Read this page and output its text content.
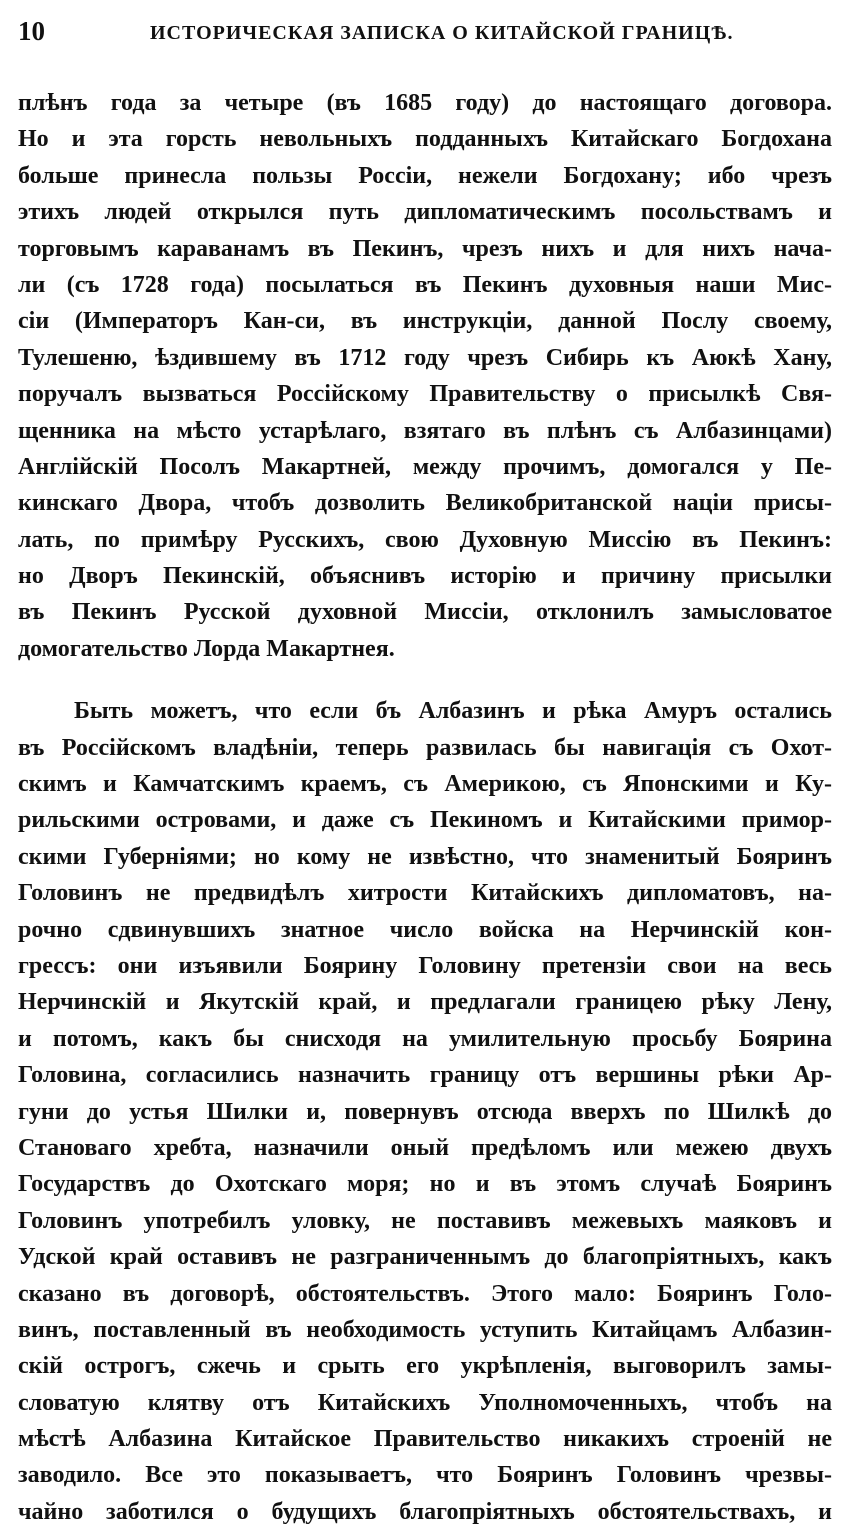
10	ИСТОРИЧЕСКАЯ ЗАПИСКА О КИТАЙСКОЙ ГРАНИЦѢ.

плѣнъ года за четыре (въ 1685 году) до настоящаго договора.
Но и эта горсть невольныхъ подданныхъ Китайскаго Богдохана
больше принесла пользы Россіи, нежели Богдохану; ибо чрезъ
этихъ людей открылся путь дипломатическимъ посольствамъ и
торговымъ караванамъ въ Пекинъ, чрезъ нихъ и для нихъ нача-
ли (съ 1728 года) посылаться въ Пекинъ духовныя наши Мис-
сіи (Императоръ Кан-си, въ инструкціи, данной Послу своему,
Тулешеню, ѣздившему въ 1712 году чрезъ Сибирь къ Аюкѣ Хану,
поручалъ вызваться Россійскому Правительству о присылкѣ Свя-
щенника на мѣсто устарѣлаго, взятаго въ плѣнъ съ Албазинцами)
Англійскій Посолъ Макартней, между прочимъ, домогался у Пе-
кинскаго Двора, чтобъ дозволить Великобританской націи присы-
лать, по примѣру Русскихъ, свою Духовную Миссію въ Пекинъ:
но Дворъ Пекинскій, объяснивъ исторію и причину присылки
въ Пекинъ Русской духовной Миссіи, отклонилъ замысловатое
домогательство Лорда Макартнея.

Быть можетъ, что если бъ Албазинъ и рѣка Амуръ остались
въ Россійскомъ владѣніи, теперь развилась бы навигація съ Охот-
скимъ и Камчатскимъ краемъ, съ Америкою, съ Японскими и Ку-
рильскими островами, и даже съ Пекиномъ и Китайскими примор-
скими Губерніями; но кому не извѣстно, что знаменитый Бояринъ
Головинъ не предвидѣлъ хитрости Китайскихъ дипломатовъ, на-
рочно сдвинувшихъ знатное число войска на Нерчинскій кон-
грессъ: они изъявили Боярину Головину претензіи свои на весь
Нерчинскій и Якутскій край, и предлагали границею рѣку Лену,
и потомъ, какъ бы снисходя на умилительную просьбу Боярина
Головина, согласились назначить границу отъ вершины рѣки Ар-
гуни до устья Шилки и, повернувъ отсюда вверхъ по Шилкѣ до
Становаго хребта, назначили оный предѣломъ или межею двухъ
Государствъ до Охотскаго моря; но и въ этомъ случаѣ Бояринъ
Головинъ употребилъ уловку, не поставивъ межевыхъ маяковъ и
Удской край оставивъ не разграниченнымъ до благопріятныхъ, какъ
сказано въ договорѣ, обстоятельствъ. Этого мало: Бояринъ Голо-
винъ, поставленный въ необходимость уступить Китайцамъ Албазин-
скій острогъ, сжечь и срыть его укрѣпленія, выговорилъ замы-
словатую клятву отъ Китайскихъ Уполномоченныхъ, чтобъ на
мѣстѣ Албазина Китайское Правительство никакихъ строеній не
заводило. Все это показываетъ, что Бояринъ Головинъ чрезвы-
чайно заботился о будущихъ благопріятныхъ обстоятельствахъ, и
